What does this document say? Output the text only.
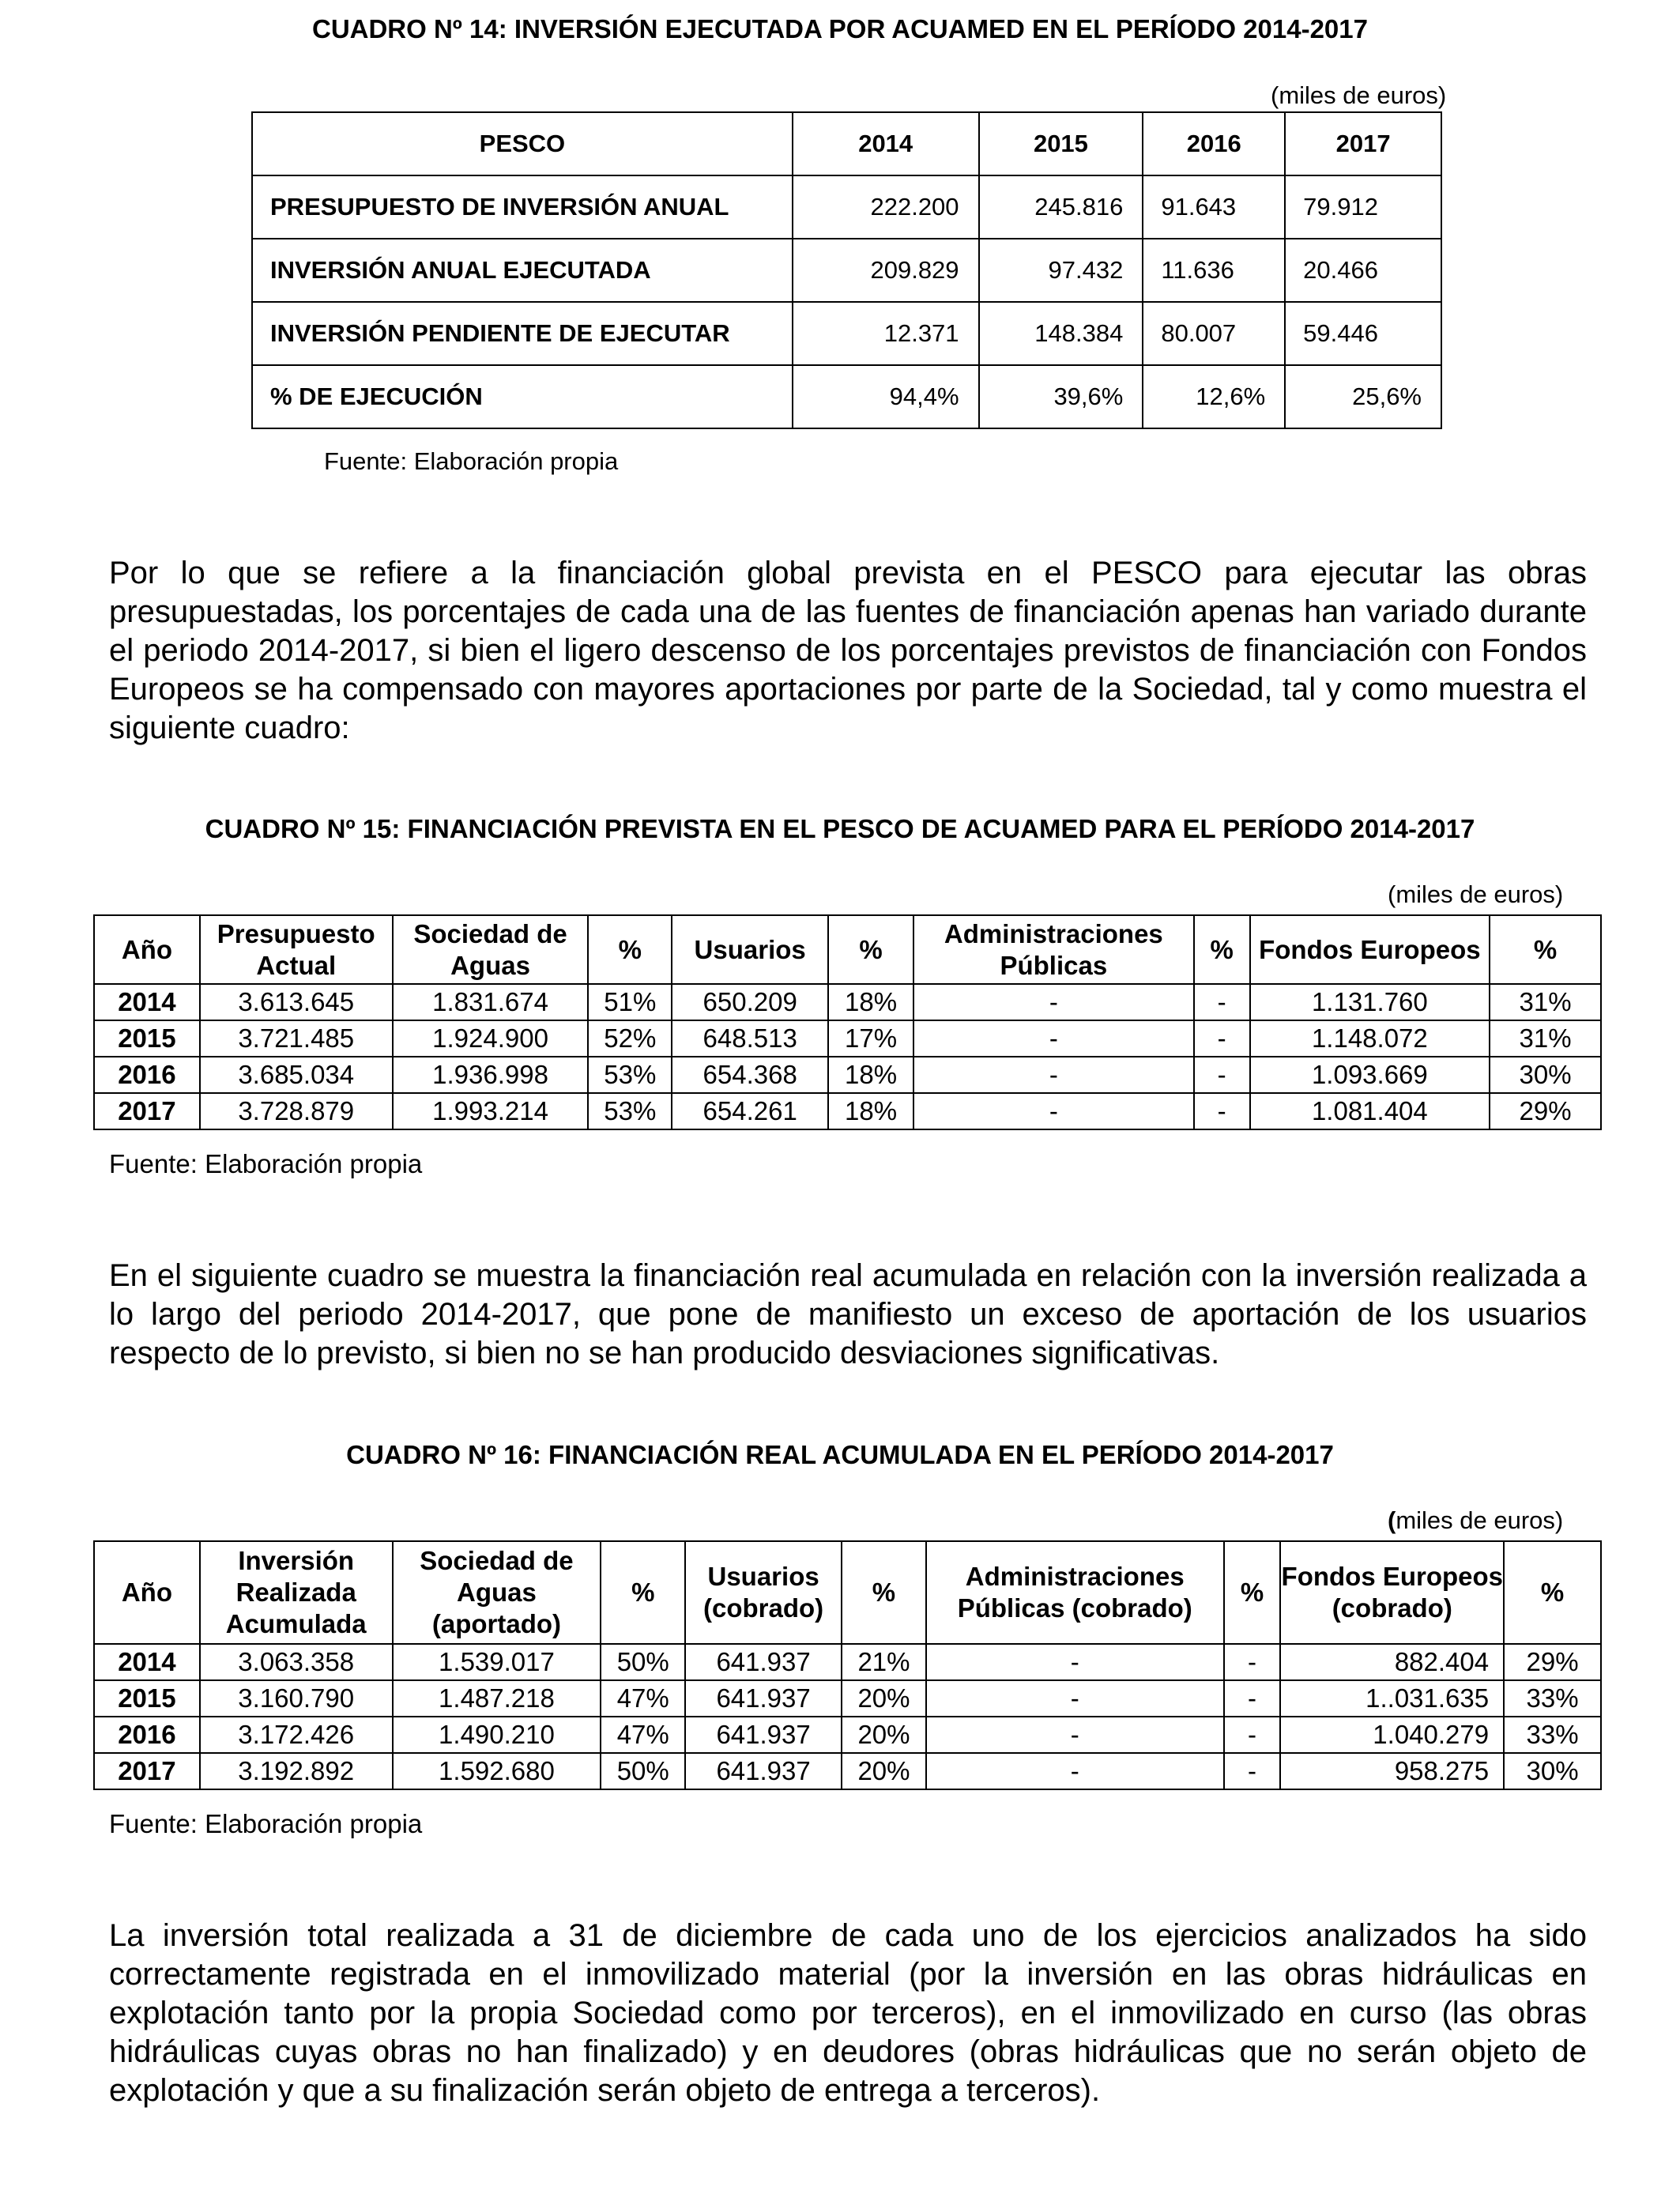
CUADRO Nº 14: INVERSIÓN EJECUTADA POR ACUAMED EN EL PERÍODO 2014-2017
(miles de euros)
PESCO	2014	2015	2016	2017
PRESUPUESTO DE INVERSIÓN ANUAL	222.200	245.816	91.643	79.912
INVERSIÓN ANUAL EJECUTADA	209.829	97.432	11.636	20.466
INVERSIÓN PENDIENTE DE EJECUTAR	12.371	148.384	80.007	59.446
% DE EJECUCIÓN	94,4%	39,6%	12,6%	25,6%
Fuente: Elaboración propia
Por lo que se refiere a la financiación global prevista en el PESCO para ejecutar las obras presupuestadas, los porcentajes de cada una de las fuentes de financiación apenas han variado durante el periodo 2014-2017, si bien el ligero descenso de los porcentajes previstos de financiación con Fondos Europeos se ha compensado con mayores aportaciones por parte de la Sociedad, tal y como muestra el siguiente cuadro:
CUADRO Nº 15: FINANCIACIÓN PREVISTA EN EL PESCO DE ACUAMED PARA EL PERÍODO 2014-2017
(miles de euros)
Año	Presupuesto Actual	Sociedad de Aguas	%	Usuarios	%	Administraciones Públicas	%	Fondos Europeos	%
2014	3.613.645	1.831.674	51%	650.209	18%	-	-	1.131.760	31%
2015	3.721.485	1.924.900	52%	648.513	17%	-	-	1.148.072	31%
2016	3.685.034	1.936.998	53%	654.368	18%	-	-	1.093.669	30%
2017	3.728.879	1.993.214	53%	654.261	18%	-	-	1.081.404	29%
Fuente: Elaboración propia
En el siguiente cuadro se muestra la financiación real acumulada en relación con la inversión realizada a lo largo del periodo 2014-2017, que pone de manifiesto un exceso de aportación de los usuarios respecto de lo previsto, si bien no se han producido desviaciones significativas.
CUADRO Nº 16: FINANCIACIÓN REAL ACUMULADA EN EL PERÍODO 2014-2017
(miles de euros)
Año	Inversión Realizada Acumulada	Sociedad de Aguas (aportado)	%	Usuarios (cobrado)	%	Administraciones Públicas (cobrado)	%	Fondos Europeos (cobrado)	%
2014	3.063.358	1.539.017	50%	641.937	21%	-	-	882.404	29%
2015	3.160.790	1.487.218	47%	641.937	20%	-	-	1..031.635	33%
2016	3.172.426	1.490.210	47%	641.937	20%	-	-	1.040.279	33%
2017	3.192.892	1.592.680	50%	641.937	20%	-	-	958.275	30%
Fuente: Elaboración propia
La inversión total realizada a 31 de diciembre de cada uno de los ejercicios analizados ha sido correctamente registrada en el inmovilizado material (por la inversión en las obras hidráulicas en explotación tanto por la propia Sociedad como por terceros), en el inmovilizado en curso (las obras hidráulicas cuyas obras no han finalizado) y en deudores (obras hidráulicas que no serán objeto de explotación y que a su finalización serán objeto de entrega a terceros).
